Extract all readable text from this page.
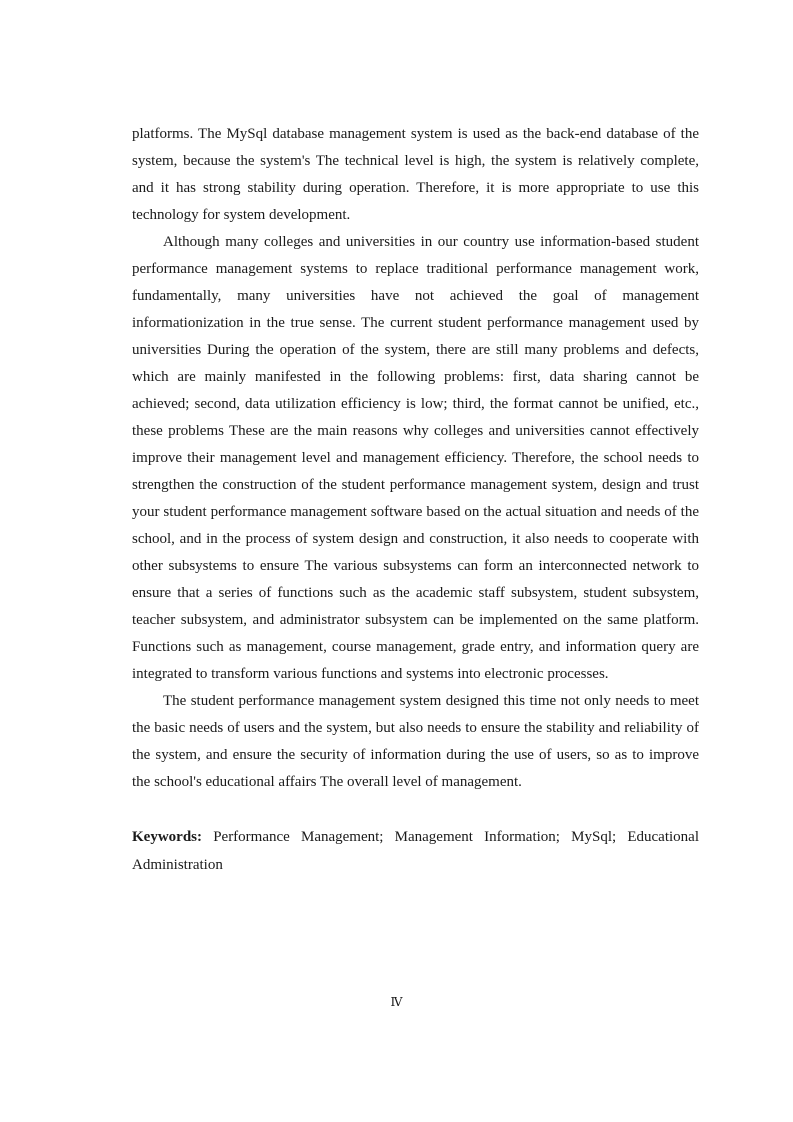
platforms. The MySql database management system is used as the back-end database of the system, because the system's The technical level is high, the system is relatively complete, and it has strong stability during operation. Therefore, it is more appropriate to use this technology for system development.

Although many colleges and universities in our country use information-based student performance management systems to replace traditional performance management work, fundamentally, many universities have not achieved the goal of management informationization in the true sense. The current student performance management used by universities During the operation of the system, there are still many problems and defects, which are mainly manifested in the following problems: first, data sharing cannot be achieved; second, data utilization efficiency is low; third, the format cannot be unified, etc., these problems These are the main reasons why colleges and universities cannot effectively improve their management level and management efficiency. Therefore, the school needs to strengthen the construction of the student performance management system, design and trust your student performance management software based on the actual situation and needs of the school, and in the process of system design and construction, it also needs to cooperate with other subsystems to ensure The various subsystems can form an interconnected network to ensure that a series of functions such as the academic staff subsystem, student subsystem, teacher subsystem, and administrator subsystem can be implemented on the same platform. Functions such as management, course management, grade entry, and information query are integrated to transform various functions and systems into electronic processes.

The student performance management system designed this time not only needs to meet the basic needs of users and the system, but also needs to ensure the stability and reliability of the system, and ensure the security of information during the use of users, so as to improve the school's educational affairs The overall level of management.

Keywords: Performance Management; Management Information; MySql; Educational Administration

Ⅳ
